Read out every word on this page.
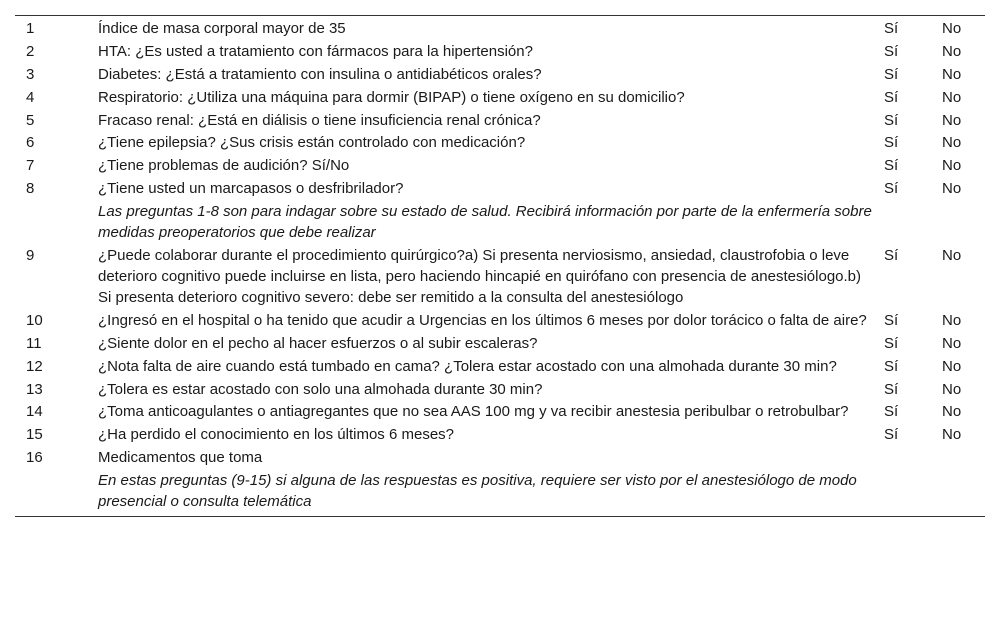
1	Índice de masa corporal mayor de 35	Sí	No
2	HTA: ¿Es usted a tratamiento con fármacos para la hipertensión?	Sí	No
3	Diabetes: ¿Está a tratamiento con insulina o antidiabéticos orales?	Sí	No
4	Respiratorio: ¿Utiliza una máquina para dormir (BIPAP) o tiene oxígeno en su domicilio?	Sí	No
5	Fracaso renal: ¿Está en diálisis o tiene insuficiencia renal crónica?	Sí	No
6	¿Tiene epilepsia? ¿Sus crisis están controlado con medicación?	Sí	No
7	¿Tiene problemas de audición? Sí/No	Sí	No
8	¿Tiene usted un marcapasos o desfribrilador?	Sí	No
	Las preguntas 1-8 son para indagar sobre su estado de salud. Recibirá información por parte de la enfermería sobre medidas preoperatorios que debe realizar		
9	¿Puede colaborar durante el procedimiento quirúrgico?a) Si presenta nerviosismo, ansiedad, claustrofobia o leve deterioro cognitivo puede incluirse en lista, pero haciendo hincapié en quirófano con presencia de anestesiólogo.b) Si presenta deterioro cognitivo severo: debe ser remitido a la consulta del anestesiólogo	Sí	No
10	¿Ingresó en el hospital o ha tenido que acudir a Urgencias en los últimos 6 meses por dolor torácico o falta de aire?	Sí	No
11	¿Siente dolor en el pecho al hacer esfuerzos o al subir escaleras?	Sí	No
12	¿Nota falta de aire cuando está tumbado en cama? ¿Tolera estar acostado con una almohada durante 30 min?	Sí	No
13	¿Tolera es estar acostado con solo una almohada durante 30 min?	Sí	No
14	¿Toma anticoagulantes o antiagregantes que no sea AAS 100 mg y va recibir anestesia peribulbar o retrobulbar?	Sí	No
15	¿Ha perdido el conocimiento en los últimos 6 meses?	Sí	No
16	Medicamentos que toma		
	En estas preguntas (9-15) si alguna de las respuestas es positiva, requiere ser visto por el anestesiólogo de modo presencial o consulta telemática		
